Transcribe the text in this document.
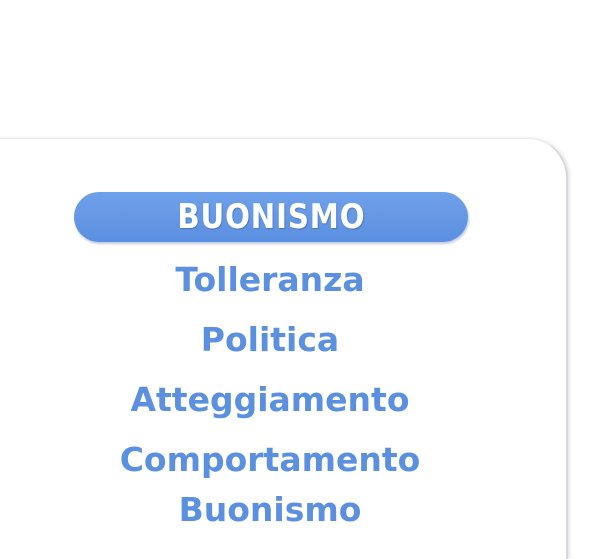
BUONISMO
Tolleranza
Politica
Atteggiamento
Comportamento
Buonismo
